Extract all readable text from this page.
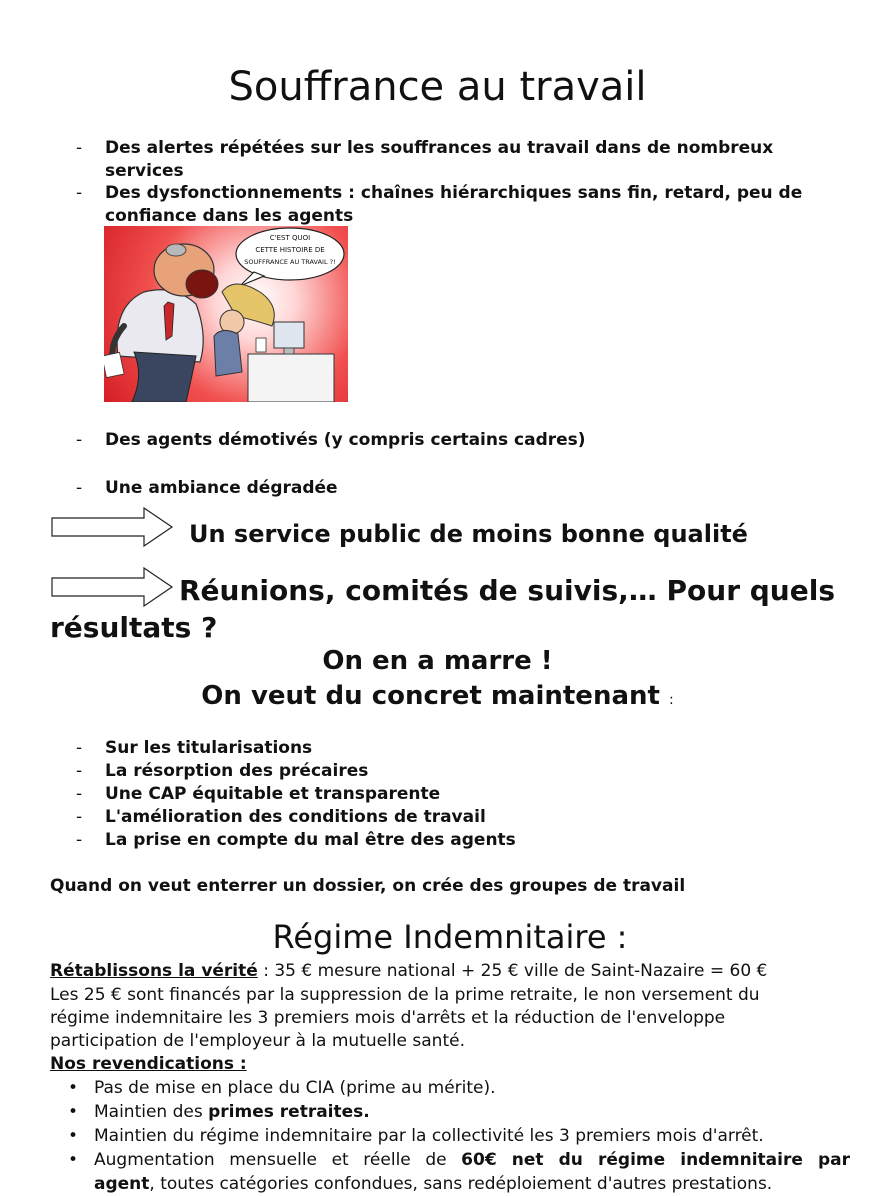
Souffrance au travail
- Des alertes répétées sur les souffrances au travail dans de nombreux services
- Des dysfonctionnements : chaînes hiérarchiques sans fin, retard, peu de confiance dans les agents
C'EST QUOI
CETTE HISTOIRE DE
SOUFFRANCE AU TRAVAIL ?!
- Des agents démotivés (y compris certains cadres)
- Une ambiance dégradée
Un service public de moins bonne qualité
Réunions, comités de suivis,… Pour quels
résultats ?
On en a marre !
On veut du concret maintenant :
- Sur les titularisations
- La résorption des précaires
- Une CAP équitable et transparente
- L'amélioration des conditions de travail
- La prise en compte du mal être des agents
Quand on veut enterrer un dossier, on crée des groupes de travail
Régime Indemnitaire :

Rétablissons la vérité : 35 € mesure national + 25 € ville de Saint-Nazaire = 60 €

Les 25 € sont financés par la suppression de la prime retraite, le non versement du

régime indemnitaire les 3 premiers mois d'arrêts et la réduction de l'enveloppe

participation de l'employeur à la mutuelle santé.

Nos revendications :

• Pas de mise en place du CIA (prime au mérite).
• Maintien des primes retraites.
• Maintien du régime indemnitaire par la collectivité les 3 premiers mois d'arrêt.
• Augmentation mensuelle et réelle de 60€ net du régime indemnitaire par
agent, toutes catégories confondues, sans redéploiement d'autres prestations.
